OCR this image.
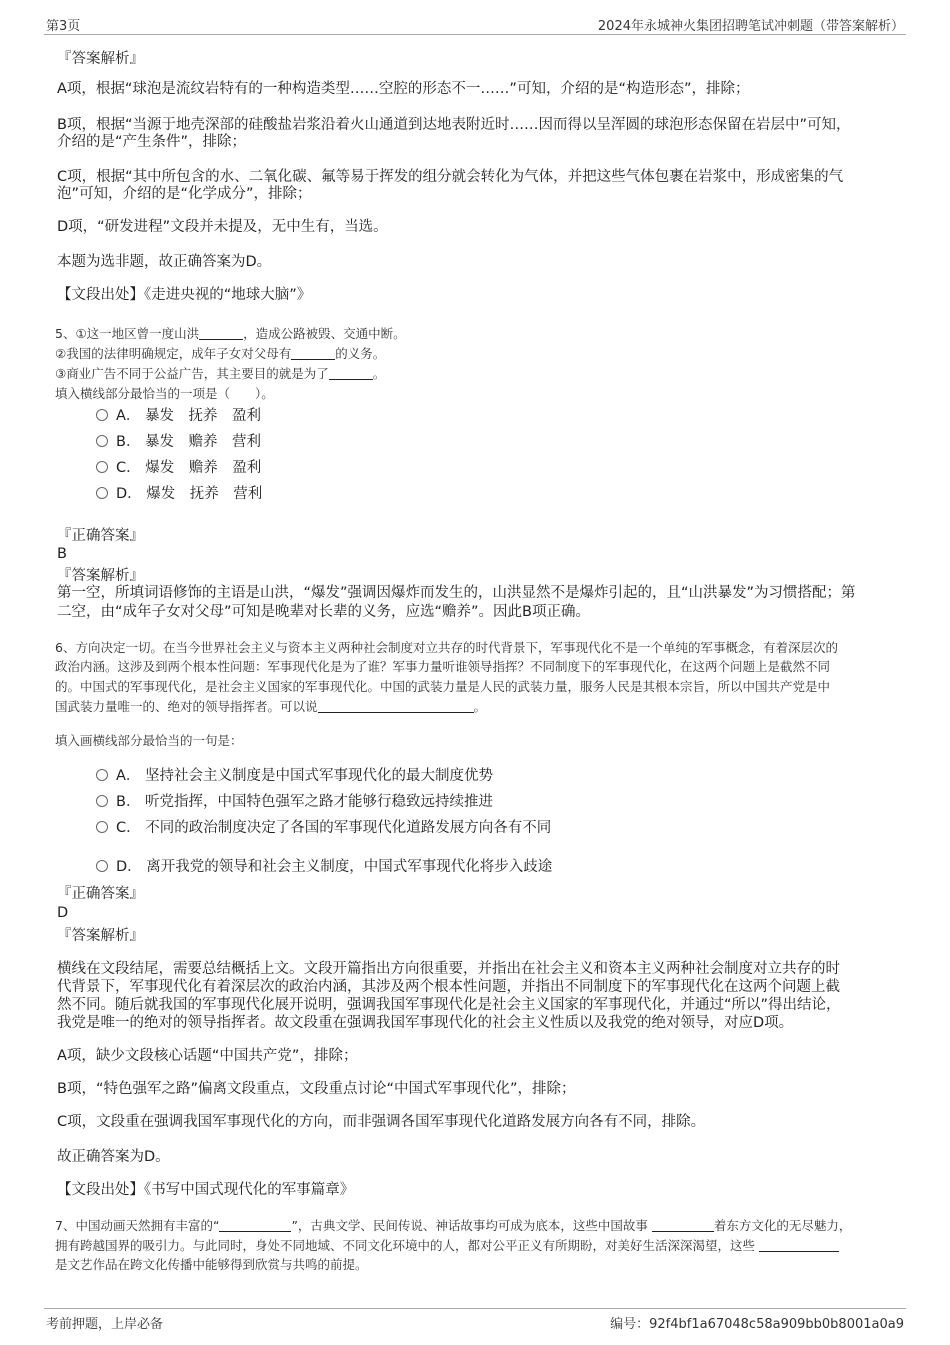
第3页	2024年永城神火集团招聘笔试冲刺题（带答案解析）
『答案解析』
A项，根据“球泡是流纹岩特有的一种构造类型……空腔的形态不一……”可知，介绍的是“构造形态”，排除；
B项，根据“当源于地壳深部的硅酸盐岩浆沿着火山通道到达地表附近时……因而得以呈浑圆的球泡形态保留在岩层中”可知，
介绍的是“产生条件”，排除；
C项，根据“其中所包含的水、二氧化碳、氟等易于挥发的组分就会转化为气体，并把这些气体包裹在岩浆中，形成密集的气
泡”可知，介绍的是“化学成分”，排除；
D项，“研发进程”文段并未提及，无中生有，当选。
本题为选非题，故正确答案为D。
【文段出处】《走进央视的“地球大脑”》
5、①这一地区曾一度山洪	，造成公路被毁、交通中断。
②我国的法律明确规定，成年子女对父母有	的义务。
③商业广告不同于公益广告，其主要目的就是为了	。
填入横线部分最恰当的一项是（　　）。
A． 暴发　抚养　盈利
B． 暴发　赡养　营利
C． 爆发　赡养　盈利
D． 爆发　抚养　营利
『正确答案』
B
『答案解析』
第一空，所填词语修饰的主语是山洪，“爆发”强调因爆炸而发生的，山洪显然不是爆炸引起的，且“山洪暴发”为习惯搭配；第
二空，由“成年子女对父母”可知是晚辈对长辈的义务，应选“赡养”。因此B项正确。
6、方向决定一切。在当今世界社会主义与资本主义两种社会制度对立共存的时代背景下，军事现代化不是一个单纯的军事概念，有着深层次的
政治内涵。这涉及到两个根本性问题：军事现代化是为了谁？军事力量听谁领导指挥？不同制度下的军事现代化，在这两个问题上是截然不同
的。中国式的军事现代化，是社会主义国家的军事现代化。中国的武装力量是人民的武装力量，服务人民是其根本宗旨，所以中国共产党是中
国武装力量唯一的、绝对的领导指挥者。可以说	。
填入画横线部分最恰当的一句是：
A． 坚持社会主义制度是中国式军事现代化的最大制度优势
B． 听党指挥，中国特色强军之路才能够行稳致远持续推进
C． 不同的政治制度决定了各国的军事现代化道路发展方向各有不同
D． 离开我党的领导和社会主义制度，中国式军事现代化将步入歧途
『正确答案』
D
『答案解析』
横线在文段结尾，需要总结概括上文。文段开篇指出方向很重要，并指出在社会主义和资本主义两种社会制度对立共存的时
代背景下，军事现代化有着深层次的政治内涵，其涉及两个根本性问题，并指出不同制度下的军事现代化在这两个问题上截
然不同。随后就我国的军事现代化展开说明，强调我国军事现代化是社会主义国家的军事现代化，并通过“所以”得出结论，
我党是唯一的绝对的领导指挥者。故文段重在强调我国军事现代化的社会主义性质以及我党的绝对领导，对应D项。
A项，缺少文段核心话题“中国共产党”，排除；
B项，“特色强军之路”偏离文段重点，文段重点讨论“中国式军事现代化”，排除；
C项，文段重在强调我国军事现代化的方向，而非强调各国军事现代化道路发展方向各有不同，排除。
故正确答案为D。
【文段出处】《书写中国式现代化的军事篇章》
7、中国动画天然拥有丰富的“	”，古典文学、民间传说、神话故事均可成为底本，这些中国故事	着东方文化的无尽魅力，
拥有跨越国界的吸引力。与此同时，身处不同地域、不同文化环境中的人，都对公平正义有所期盼，对美好生活深深渴望，这些
是文艺作品在跨文化传播中能够得到欣赏与共鸣的前提。
考前押题，上岸必备	编号：92f4bf1a67048c58a909bb0b8001a0a9
